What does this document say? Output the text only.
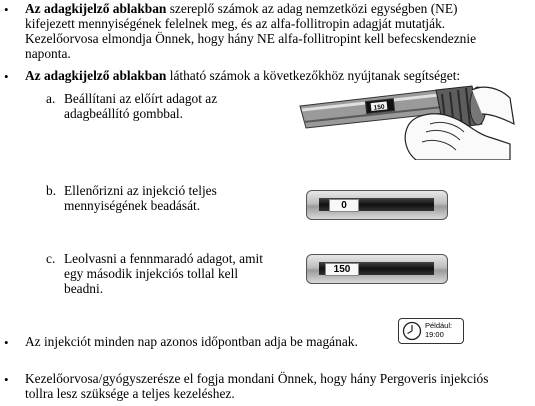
• Az adagkijelző ablakban szereplő számok az adag nemzetközi egységben (NE)
kifejezett mennyiségének felelnek meg, és az alfa-follitropin adagját mutatják.
Kezelőorvosa elmondja Önnek, hogy hány NE alfa-follitropint kell befecskendeznie
naponta.
• Az adagkijelző ablakban látható számok a következőkhöz nyújtanak segítséget:
a. Beállítani az előírt adagot az
adagbeállító gombbal.	150
b. Ellenőrizni az injekció teljes
mennyiségének beadását.	0
c. Leolvasni a fennmaradó adagot, amit
egy második injekciós tollal kell
beadni.
150
• Az injekciót minden nap azonos időpontban adja be magának.
Például:
19:00
• Kezelőorvosa/gyógyszerésze el fogja mondani Önnek, hogy hány Pergoveris injekciós
tollra lesz szüksége a teljes kezeléshez.
